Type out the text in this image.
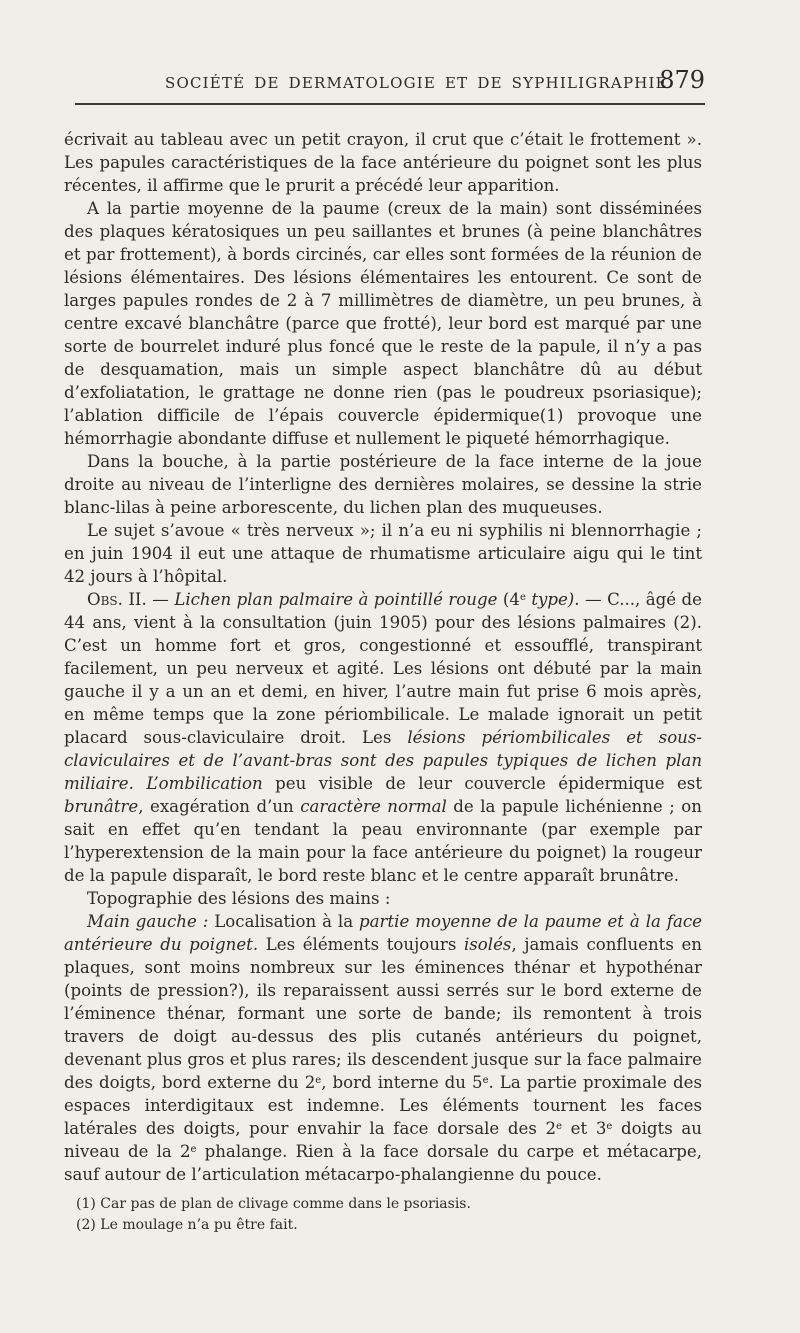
SOCIÉTÉ DE DERMATOLOGIE ET DE SYPHILIGRAPHIE
879

écrivait au tableau avec un petit crayon, il crut que c’était le frottement ». Les papules caractéristiques de la face antérieure du poignet sont les plus récentes, il affirme que le prurit a précédé leur apparition.

A la partie moyenne de la paume (creux de la main) sont disséminées des plaques kératosiques un peu saillantes et brunes (à peine blanchâtres et par frottement), à bords circinés, car elles sont formées de la réunion de lésions élémentaires. Des lésions élémentaires les entourent. Ce sont de larges papules rondes de 2 à 7 millimètres de diamètre, un peu brunes, à centre excavé blanchâtre (parce que frotté), leur bord est marqué par une sorte de bourrelet induré plus foncé que le reste de la papule, il n’y a pas de desquamation, mais un simple aspect blanchâtre dû au début d’exfoliatation, le grattage ne donne rien (pas le poudreux psoriasique); l’ablation difficile de l’épais couvercle épidermique(1) provoque une hémorrhagie abondante diffuse et nullement le piqueté hémorrhagique.

Dans la bouche, à la partie postérieure de la face interne de la joue droite au niveau de l’interligne des dernières molaires, se dessine la strie blanc-lilas à peine arborescente, du lichen plan des muqueuses.

Le sujet s’avoue « très nerveux »; il n’a eu ni syphilis ni blennorrhagie ; en juin 1904 il eut une attaque de rhumatisme articulaire aigu qui le tint 42 jours à l’hôpital.

Obs. II. — Lichen plan palmaire à pointillé rouge (4e type). — C..., âgé de 44 ans, vient à la consultation (juin 1905) pour des lésions palmaires (2). C’est un homme fort et gros, congestionné et essoufflé, transpirant facilement, un peu nerveux et agité. Les lésions ont débuté par la main gauche il y a un an et demi, en hiver, l’autre main fut prise 6 mois après, en même temps que la zone périombilicale. Le malade ignorait un petit placard sous-claviculaire droit. Les lésions périombilicales et sous-claviculaires et de l’avant-bras sont des papules typiques de lichen plan miliaire. L’ombilication peu visible de leur couvercle épidermique est brunâtre, exagération d’un caractère normal de la papule lichénienne ; on sait en effet qu’en tendant la peau environnante (par exemple par l’hyperextension de la main pour la face antérieure du poignet) la rougeur de la papule disparaît, le bord reste blanc et le centre apparaît brunâtre.

Topographie des lésions des mains :

Main gauche : Localisation à la partie moyenne de la paume et à la face antérieure du poignet. Les éléments toujours isolés, jamais confluents en plaques, sont moins nombreux sur les éminences thénar et hypothénar (points de pression?), ils reparaissent aussi serrés sur le bord externe de l’éminence thénar, formant une sorte de bande; ils remontent à trois travers de doigt au-dessus des plis cutanés antérieurs du poignet, devenant plus gros et plus rares; ils descendent jusque sur la face palmaire des doigts, bord externe du 2e, bord interne du 5e. La partie proximale des espaces interdigitaux est indemne. Les éléments tournent les faces latérales des doigts, pour envahir la face dorsale des 2e et 3e doigts au niveau de la 2e phalange. Rien à la face dorsale du carpe et métacarpe, sauf autour de l’articulation métacarpo-phalangienne du pouce.

(1) Car pas de plan de clivage comme dans le psoriasis.
(2) Le moulage n’a pu être fait.
